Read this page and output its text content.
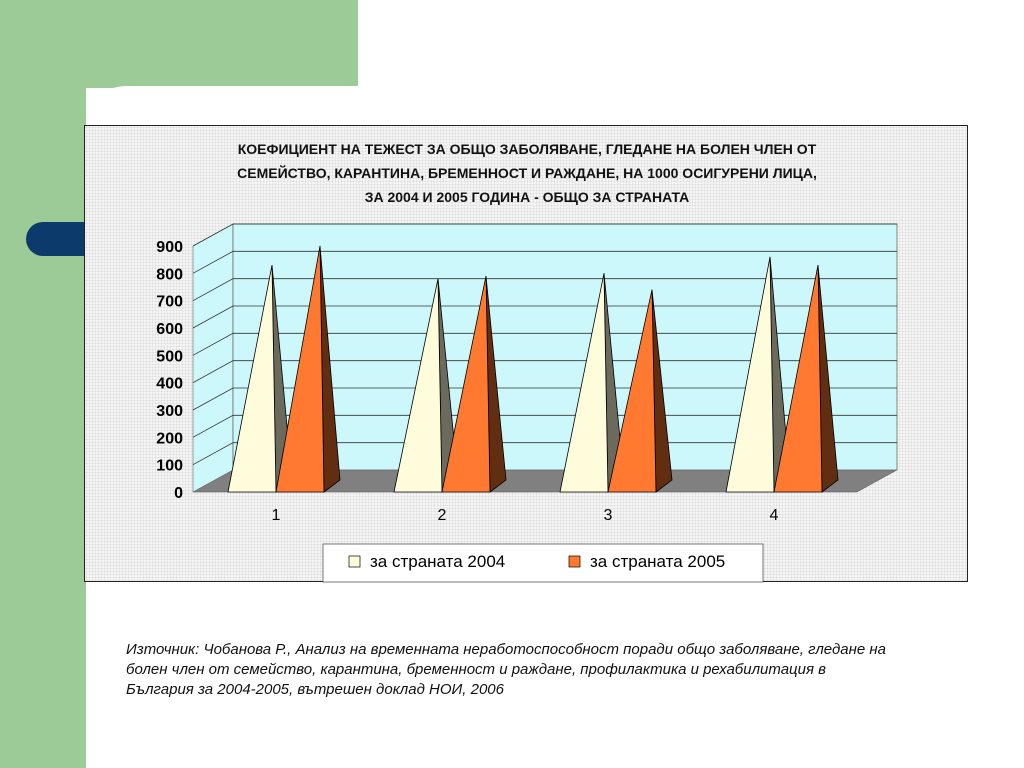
КОЕФИЦИЕНТ НА ТЕЖЕСТ ЗА ОБЩО ЗАБОЛЯВАНЕ, ГЛЕДАНЕ НА БОЛЕН ЧЛЕН ОТ
СЕМЕЙСТВО, КАРАНТИНА, БРЕМЕННОСТ И РАЖДАНЕ, НА 1000 ОСИГУРЕНИ ЛИЦА,
ЗА 2004 И 2005 ГОДИНА - ОБЩО ЗА СТРАНАТА
0
100
200
300
400
500
600
700
800
900
1	2	3	4
за страната 2004	за страната 2005
Източник: Чобанова Р., Анализ на временната неработоспособност поради общо заболяване, гледане на болен член от семейство, карантина, бременност и раждане, профилактика и рехабилитация в България за 2004-2005, вътрешен доклад НОИ, 2006
